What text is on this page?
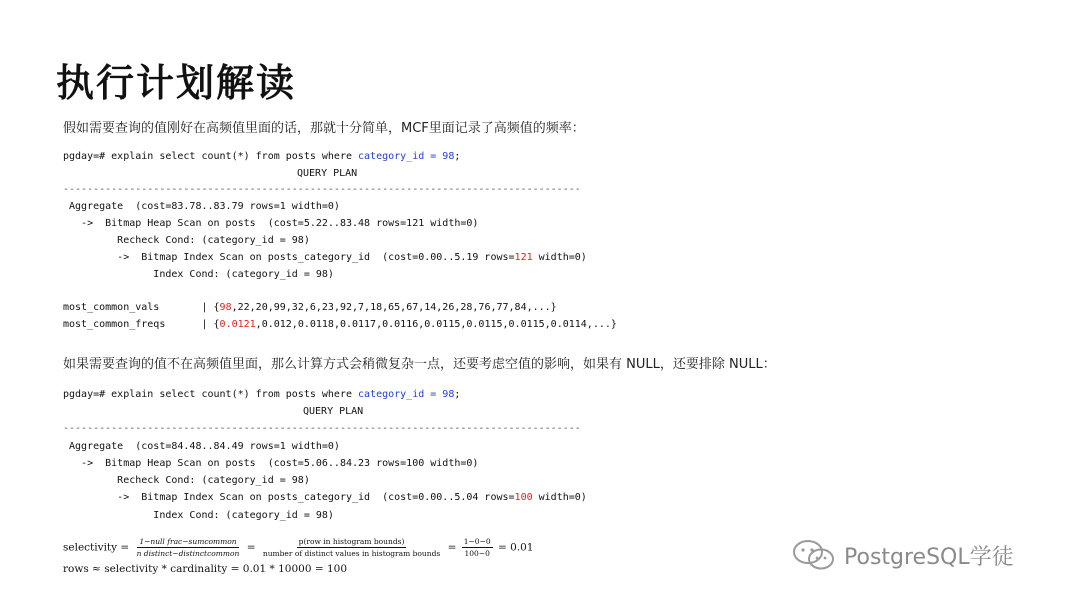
执行计划解读
假如需要查询的值刚好在高频值里面的话，那就十分简单，MCF里面记录了高频值的频率：
pgday=# explain select count(*) from posts where category_id = 98;
QUERY PLAN
--------------------------------------------------------------------------------------
Aggregate  (cost=83.78..83.79 rows=1 width=0)
->  Bitmap Heap Scan on posts  (cost=5.22..83.48 rows=121 width=0)
Recheck Cond: (category_id = 98)
->  Bitmap Index Scan on posts_category_id  (cost=0.00..5.19 rows=121 width=0)
Index Cond: (category_id = 98)
most_common_vals       | {98,22,20,99,32,6,23,92,7,18,65,67,14,26,28,76,77,84,...}
most_common_freqs      | {0.0121,0.012,0.0118,0.0117,0.0116,0.0115,0.0115,0.0115,0.0114,...}
如果需要查询的值不在高频值里面，那么计算方式会稍微复杂一点，还要考虑空值的影响，如果有 NULL，还要排除 NULL：
pgday=# explain select count(*) from posts where category_id = 98;
QUERY PLAN
--------------------------------------------------------------------------------------
Aggregate  (cost=84.48..84.49 rows=1 width=0)
->  Bitmap Heap Scan on posts  (cost=5.06..84.23 rows=100 width=0)
Recheck Cond: (category_id = 98)
->  Bitmap Index Scan on posts_category_id  (cost=0.00..5.04 rows=100 width=0)
Index Cond: (category_id = 98)
selectivity = $\frac{\text{1−null frac−sumcommon}}{\text{n distinct−distinctcommon}} = \frac{\text{p(row in histogram bounds)}}{\text{number of distinct values in histogram bounds}} = \frac{1-0-0}{100-0} = 0.01$
rows ≈ selectivity * cardinality = 0.01 * 10000 = 100	PostgreSQL学徒
